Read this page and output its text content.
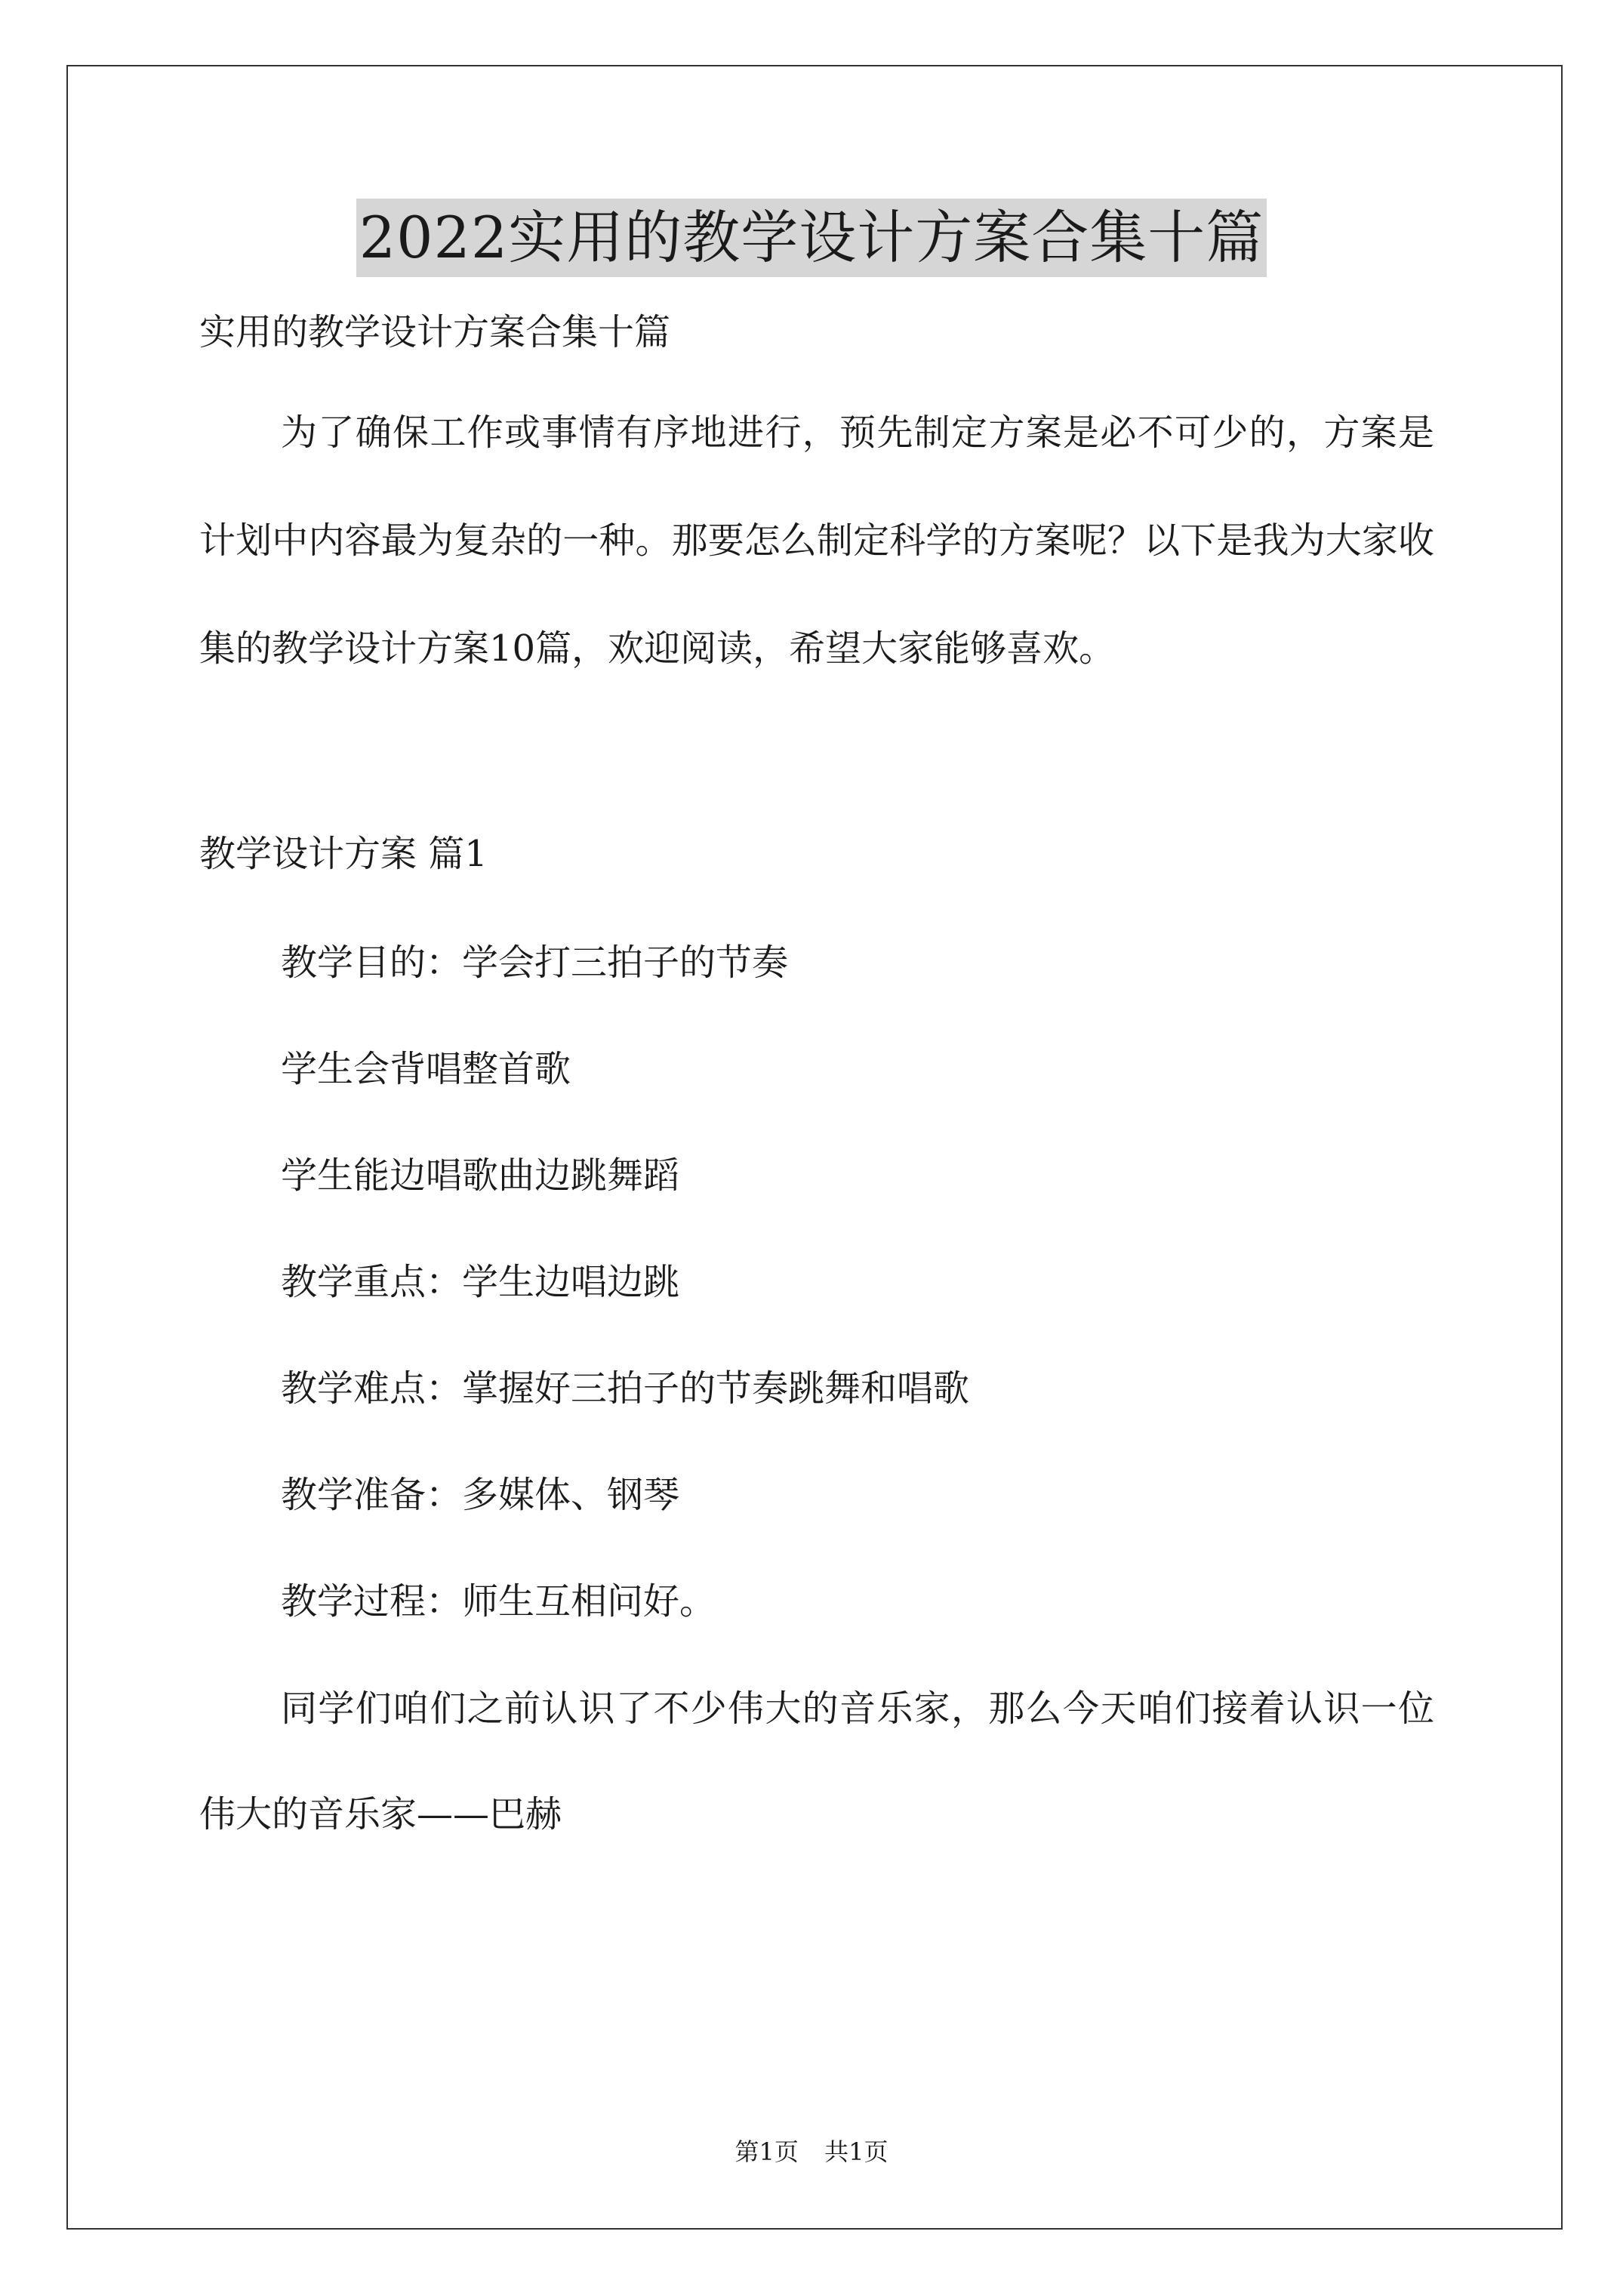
2022实用的教学设计方案合集十篇
实用的教学设计方案合集十篇
为了确保工作或事情有序地进行，预先制定方案是必不可少的，方案是计划中内容最为复杂的一种。那要怎么制定科学的方案呢？以下是我为大家收集的教学设计方案10篇，欢迎阅读，希望大家能够喜欢。
教学设计方案 篇1
教学目的：学会打三拍子的节奏
学生会背唱整首歌
学生能边唱歌曲边跳舞蹈
教学重点：学生边唱边跳
教学难点：掌握好三拍子的节奏跳舞和唱歌
教学准备：多媒体、钢琴
教学过程：师生互相问好。
同学们咱们之前认识了不少伟大的音乐家，那么今天咱们接着认识一位伟大的音乐家——巴赫
第1页 共1页
